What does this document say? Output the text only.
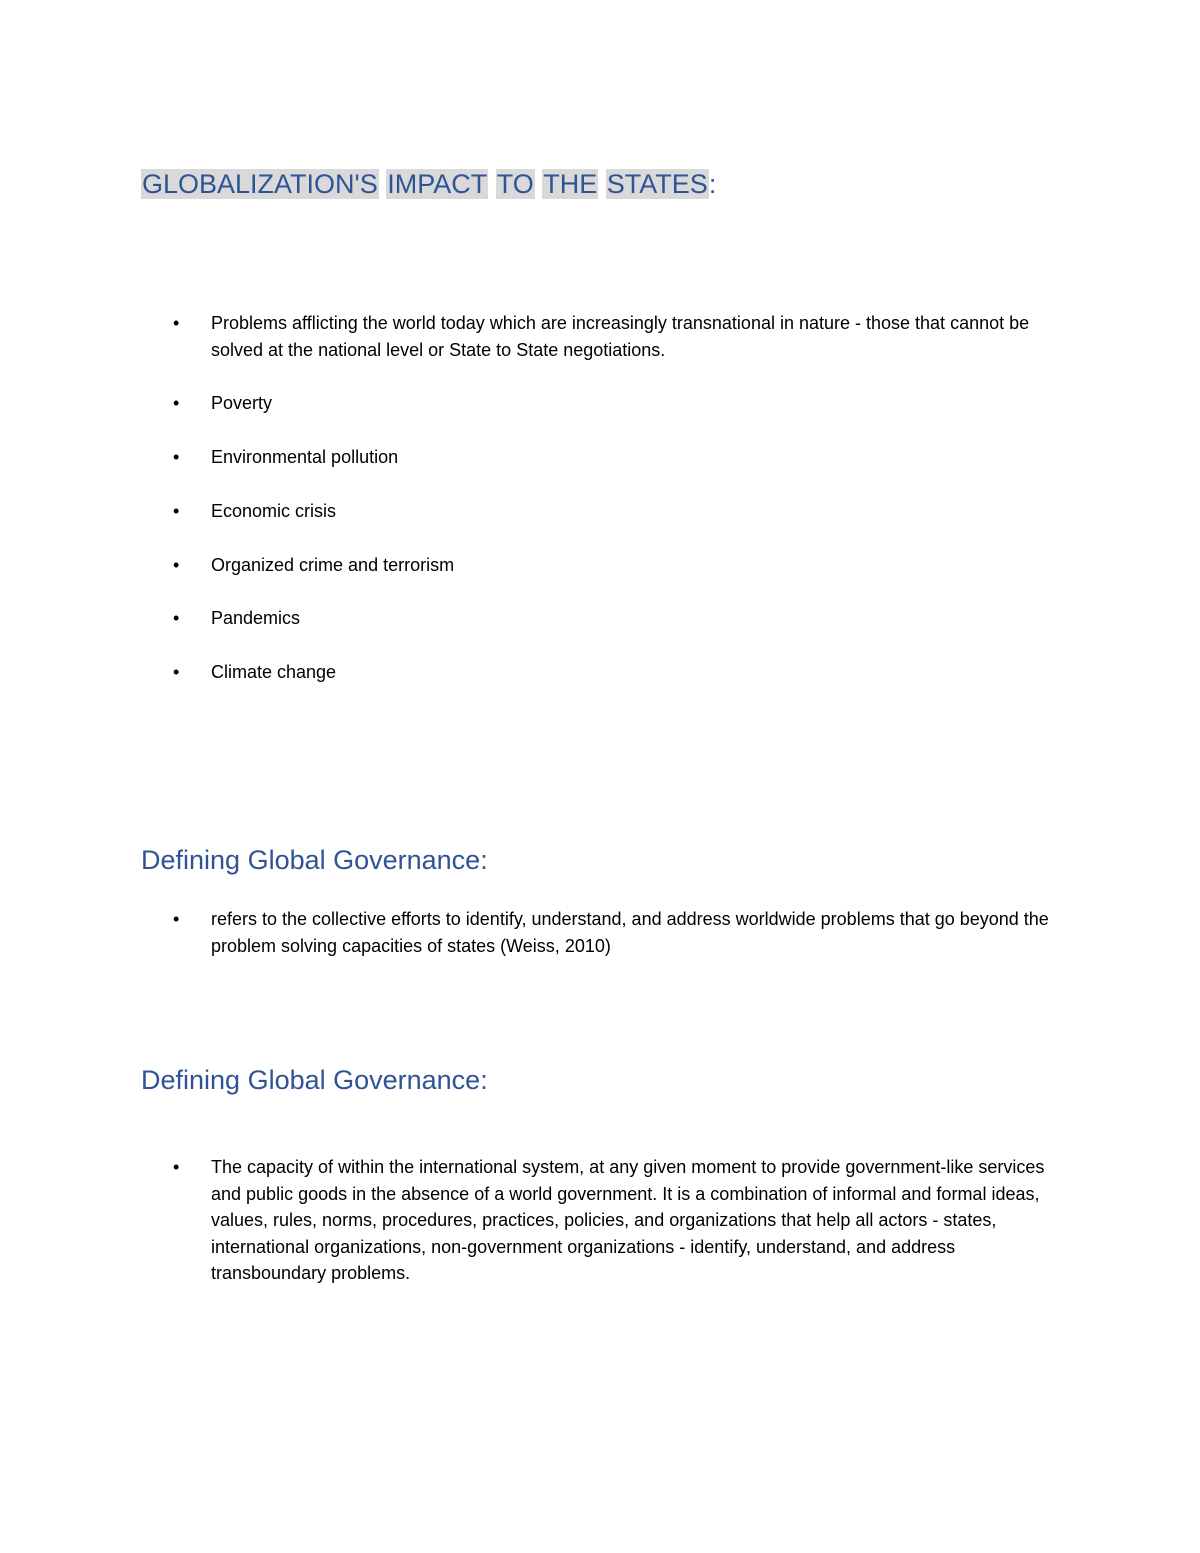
GLOBALIZATION'S IMPACT TO THE STATES:
• Problems afflicting the world today which are increasingly transnational in nature - those that cannot be solved at the national level or State to State negotiations.
• Poverty
• Environmental pollution
• Economic crisis
• Organized crime and terrorism
• Pandemics
• Climate change
Defining Global Governance:
• refers to the collective efforts to identify, understand, and address worldwide problems that go beyond the problem solving capacities of states (Weiss, 2010)
Defining Global Governance:
• The capacity of within the international system, at any given moment to provide government-like services and public goods in the absence of a world government. It is a combination of informal and formal ideas, values, rules, norms, procedures, practices, policies, and organizations that help all actors - states, international organizations, non-government organizations - identify, understand, and address transboundary problems.
